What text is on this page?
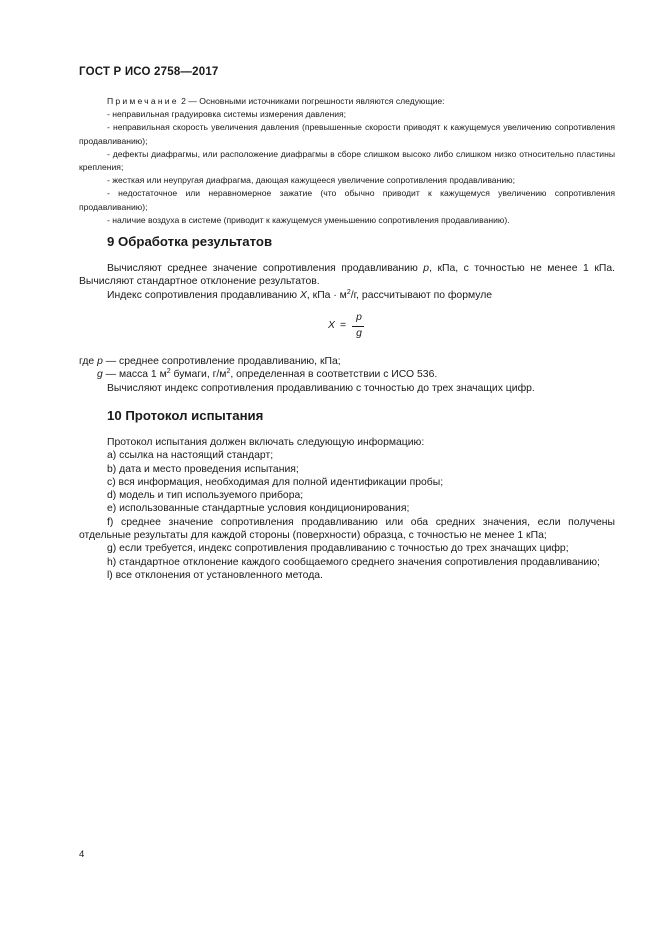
ГОСТ Р ИСО 2758—2017

Примечание 2 — Основными источниками погрешности являются следующие:

- неправильная градуировка системы измерения давления;

- неправильная скорость увеличения давления (превышенные скорости приводят к кажущемуся увеличению сопротивления продавливанию);

- дефекты диафрагмы, или расположение диафрагмы в сборе слишком высоко либо слишком низко относительно пластины крепления;

- жесткая или неупругая диафрагма, дающая кажущееся увеличение сопротивления продавливанию;

- недостаточное или неравномерное зажатие (что обычно приводит к кажущемуся увеличению сопротивления продавливанию);

- наличие воздуха в системе (приводит к кажущемуся уменьшению сопротивления продавливанию).

9 Обработка результатов

Вычисляют среднее значение сопротивления продавливанию p, кПа, с точностью не менее 1 кПа. Вычисляют стандартное отклонение результатов.

Индекс сопротивления продавливанию X, кПа · $м^2/г$, рассчитывают по формуле

X =
p
g

где p — среднее сопротивление продавливанию, кПа;

g — масса 1 $м^2$ бумаги, $г/м^2$, определенная в соответствии с ИСО 536.

Вычисляют индекс сопротивления продавливанию с точностью до трех значащих цифр.

10 Протокол испытания

Протокол испытания должен включать следующую информацию:

a) ссылка на настоящий стандарт;

b) дата и место проведения испытания;

c) вся информация, необходимая для полной идентификации пробы;

d) модель и тип используемого прибора;

e) использованные стандартные условия кондиционирования;

f) среднее значение сопротивления продавливанию или оба средних значения, если получены отдельные результаты для каждой стороны (поверхности) образца, с точностью не менее 1 кПа;

g) если требуется, индекс сопротивления продавливанию с точностью до трех значащих цифр;

h) стандартное отклонение каждого сообщаемого среднего значения сопротивления продавливанию;

l) все отклонения от установленного метода.

4
